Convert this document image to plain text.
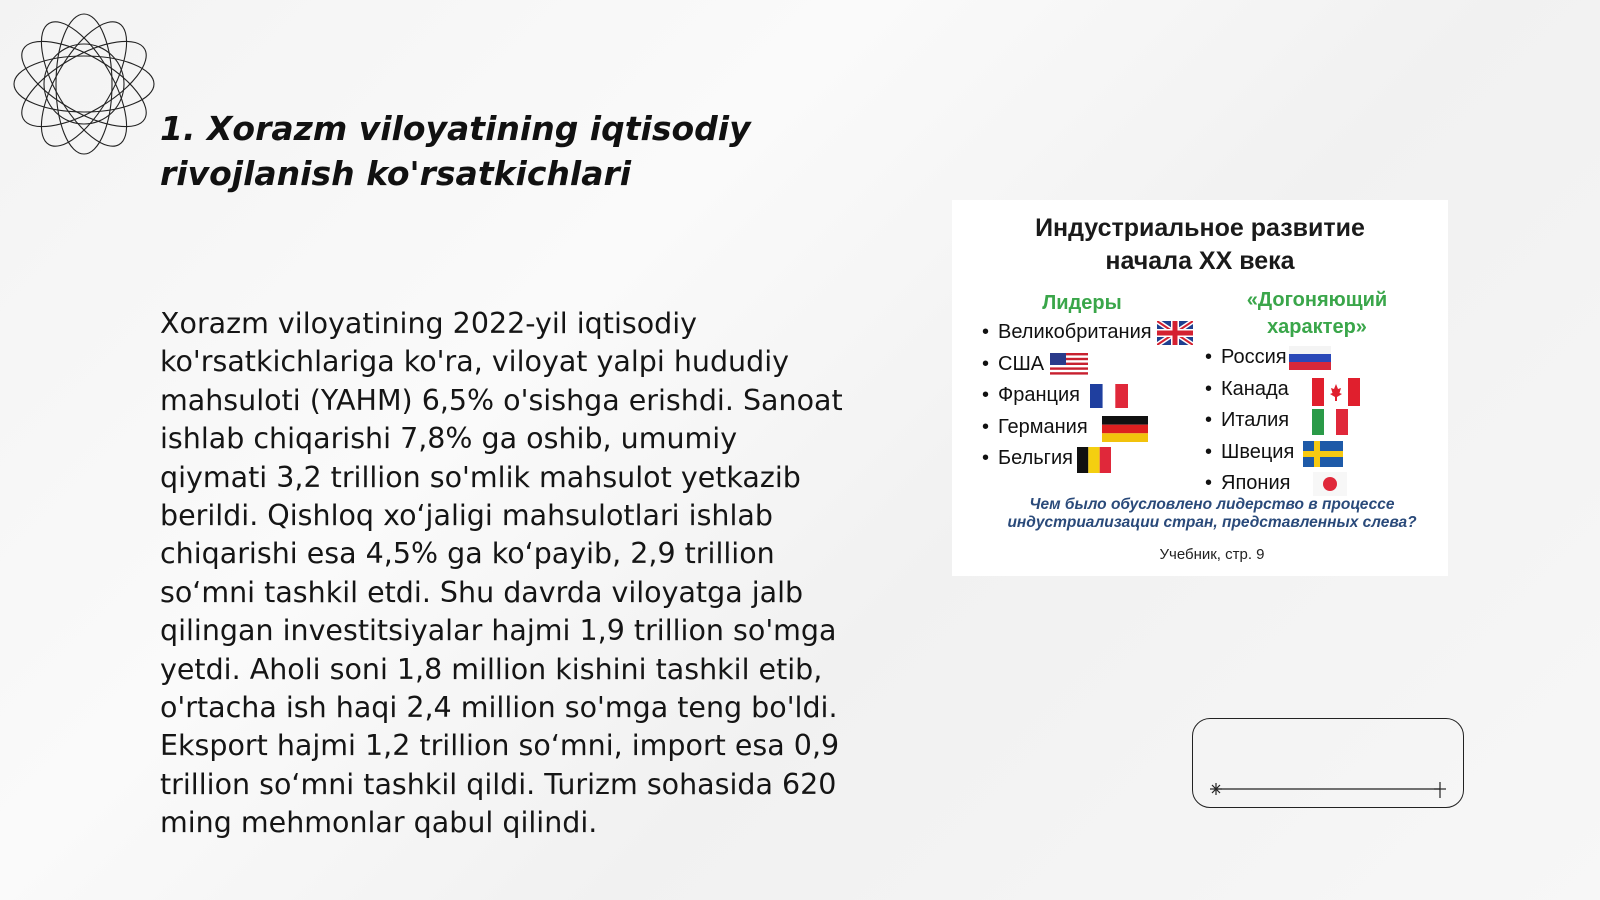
1. Xorazm viloyatining iqtisodiy rivojlanish ko'rsatkichlari

Xorazm viloyatining 2022-yil iqtisodiy ko'rsatkichlariga ko'ra, viloyat yalpi hududiy mahsuloti (YAHM) 6,5% o'sishga erishdi. Sanoat ishlab chiqarishi 7,8% ga oshib, umumiy qiymati 3,2 trillion so'mlik mahsulot yetkazib berildi. Qishloq xo‘jaligi mahsulotlari ishlab chiqarishi esa 4,5% ga ko‘payib, 2,9 trillion so‘mni tashkil etdi. Shu davrda viloyatga jalb qilingan investitsiyalar hajmi 1,9 trillion so'mga yetdi. Aholi soni 1,8 million kishini tashkil etib, o'rtacha ish haqi 2,4 million so'mga teng bo'ldi. Eksport hajmi 1,2 trillion so‘mni, import esa 0,9 trillion so‘mni tashkil qildi. Turizm sohasida 620 ming mehmonlar qabul qilindi.

Индустриальное развитие
начала ХХ века
Лидеры	«Догоняющий характер»
• Великобритания
• США
• Франция
• Германия
• Бельгия
• Россия
• Канада
• Италия
• Швеция
• Япония

Чем было обусловлено лидерство в процессе индустриализации стран, представленных слева?

Учебник, стр. 9
